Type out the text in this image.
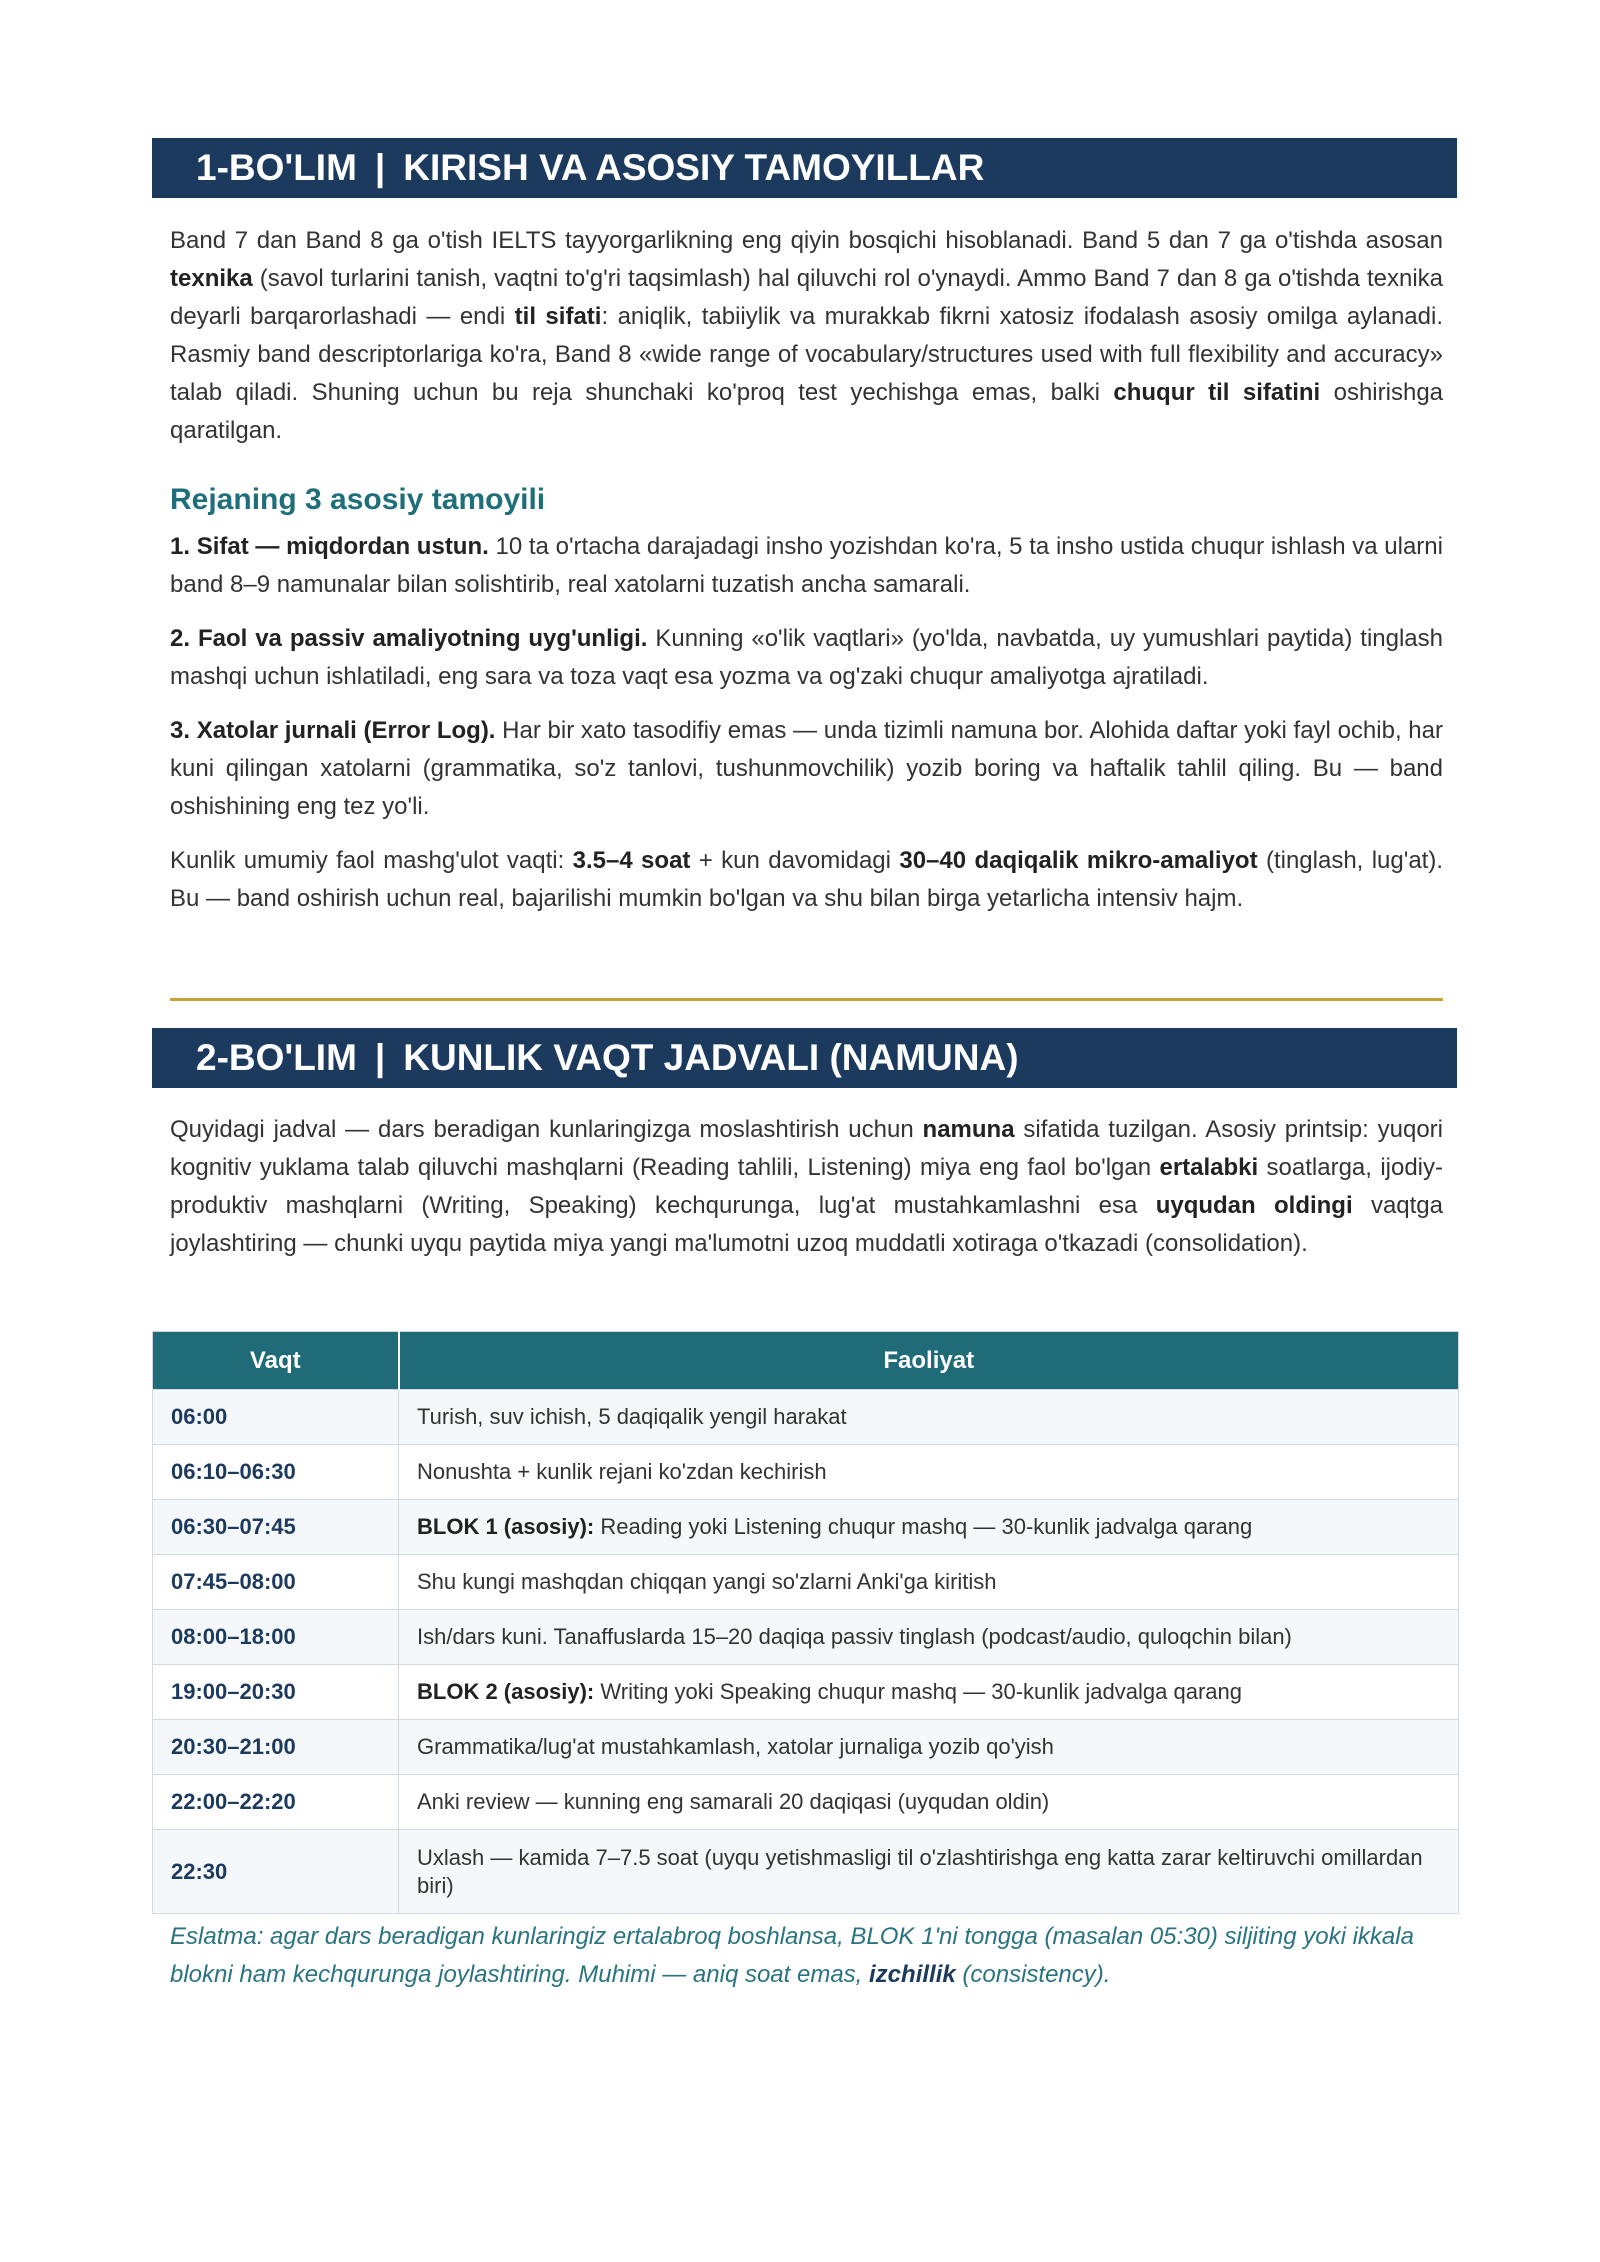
1-BO'LIM | KIRISH VA ASOSIY TAMOYILLAR

Band 7 dan Band 8 ga o'tish IELTS tayyorgarlikning eng qiyin bosqichi hisoblanadi. Band 5 dan 7 ga o'tishda asosan texnika (savol turlarini tanish, vaqtni to'g'ri taqsimlash) hal qiluvchi rol o'ynaydi. Ammo Band 7 dan 8 ga o'tishda texnika deyarli barqarorlashadi — endi til sifati: aniqlik, tabiiylik va murakkab fikrni xatosiz ifodalash asosiy omilga aylanadi. Rasmiy band descriptorlariga ko'ra, Band 8 «wide range of vocabulary/structures used with full flexibility and accuracy» talab qiladi. Shuning uchun bu reja shunchaki ko'proq test yechishga emas, balki chuqur til sifatini oshirishga qaratilgan.

Rejaning 3 asosiy tamoyili

1. Sifat — miqdordan ustun. 10 ta o'rtacha darajadagi insho yozishdan ko'ra, 5 ta insho ustida chuqur ishlash va ularni band 8–9 namunalar bilan solishtirib, real xatolarni tuzatish ancha samarali.

2. Faol va passiv amaliyotning uyg'unligi. Kunning «o'lik vaqtlari» (yo'lda, navbatda, uy yumushlari paytida) tinglash mashqi uchun ishlatiladi, eng sara va toza vaqt esa yozma va og'zaki chuqur amaliyotga ajratiladi.

3. Xatolar jurnali (Error Log). Har bir xato tasodifiy emas — unda tizimli namuna bor. Alohida daftar yoki fayl ochib, har kuni qilingan xatolarni (grammatika, so'z tanlovi, tushunmovchilik) yozib boring va haftalik tahlil qiling. Bu — band oshishining eng tez yo'li.

Kunlik umumiy faol mashg'ulot vaqti: 3.5–4 soat + kun davomidagi 30–40 daqiqalik mikro-amaliyot (tinglash, lug'at). Bu — band oshirish uchun real, bajarilishi mumkin bo'lgan va shu bilan birga yetarlicha intensiv hajm.

2-BO'LIM | KUNLIK VAQT JADVALI (NAMUNA)

Quyidagi jadval — dars beradigan kunlaringizga moslashtirish uchun namuna sifatida tuzilgan. Asosiy printsip: yuqori kognitiv yuklama talab qiluvchi mashqlarni (Reading tahlili, Listening) miya eng faol bo'lgan ertalabki soatlarga, ijodiy-produktiv mashqlarni (Writing, Speaking) kechqurunga, lug'at mustahkamlashni esa uyqudan oldingi vaqtga joylashtiring — chunki uyqu paytida miya yangi ma'lumotni uzoq muddatli xotiraga o'tkazadi (consolidation).

Vaqt	Faoliyat
06:00	Turish, suv ichish, 5 daqiqalik yengil harakat
06:10–06:30	Nonushta + kunlik rejani ko'zdan kechirish
06:30–07:45	BLOK 1 (asosiy): Reading yoki Listening chuqur mashq — 30-kunlik jadvalga qarang
07:45–08:00	Shu kungi mashqdan chiqqan yangi so'zlarni Anki'ga kiritish
08:00–18:00	Ish/dars kuni. Tanaffuslarda 15–20 daqiqa passiv tinglash (podcast/audio, quloqchin bilan)
19:00–20:30	BLOK 2 (asosiy): Writing yoki Speaking chuqur mashq — 30-kunlik jadvalga qarang
20:30–21:00	Grammatika/lug'at mustahkamlash, xatolar jurnaliga yozib qo'yish
22:00–22:20	Anki review — kunning eng samarali 20 daqiqasi (uyqudan oldin)
22:30	Uxlash — kamida 7–7.5 soat (uyqu yetishmasligi til o'zlashtirishga eng katta zarar keltiruvchi omillardan biri)

Eslatma: agar dars beradigan kunlaringiz ertalabroq boshlansa, BLOK 1'ni tongga (masalan 05:30) siljiting yoki ikkala blokni ham kechqurunga joylashtiring. Muhimi — aniq soat emas, izchillik (consistency).
